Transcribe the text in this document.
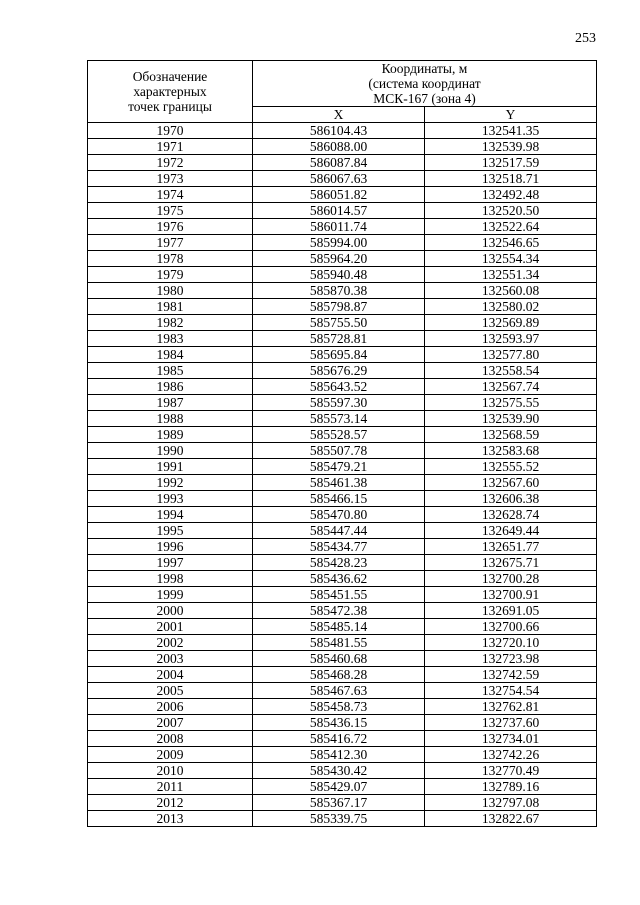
253
Обозначение
характерных
точек границы	Координаты, м
(система координат
МСК-167 (зона 4)	

	X	Y
1970	586104.43	132541.35
1971	586088.00	132539.98
1972	586087.84	132517.59
1973	586067.63	132518.71
1974	586051.82	132492.48
1975	586014.57	132520.50
1976	586011.74	132522.64
1977	585994.00	132546.65
1978	585964.20	132554.34
1979	585940.48	132551.34
1980	585870.38	132560.08
1981	585798.87	132580.02
1982	585755.50	132569.89
1983	585728.81	132593.97
1984	585695.84	132577.80
1985	585676.29	132558.54
1986	585643.52	132567.74
1987	585597.30	132575.55
1988	585573.14	132539.90
1989	585528.57	132568.59
1990	585507.78	132583.68
1991	585479.21	132555.52
1992	585461.38	132567.60
1993	585466.15	132606.38
1994	585470.80	132628.74
1995	585447.44	132649.44
1996	585434.77	132651.77
1997	585428.23	132675.71
1998	585436.62	132700.28
1999	585451.55	132700.91
2000	585472.38	132691.05
2001	585485.14	132700.66
2002	585481.55	132720.10
2003	585460.68	132723.98
2004	585468.28	132742.59
2005	585467.63	132754.54
2006	585458.73	132762.81
2007	585436.15	132737.60
2008	585416.72	132734.01
2009	585412.30	132742.26
2010	585430.42	132770.49
2011	585429.07	132789.16
2012	585367.17	132797.08
2013	585339.75	132822.67
